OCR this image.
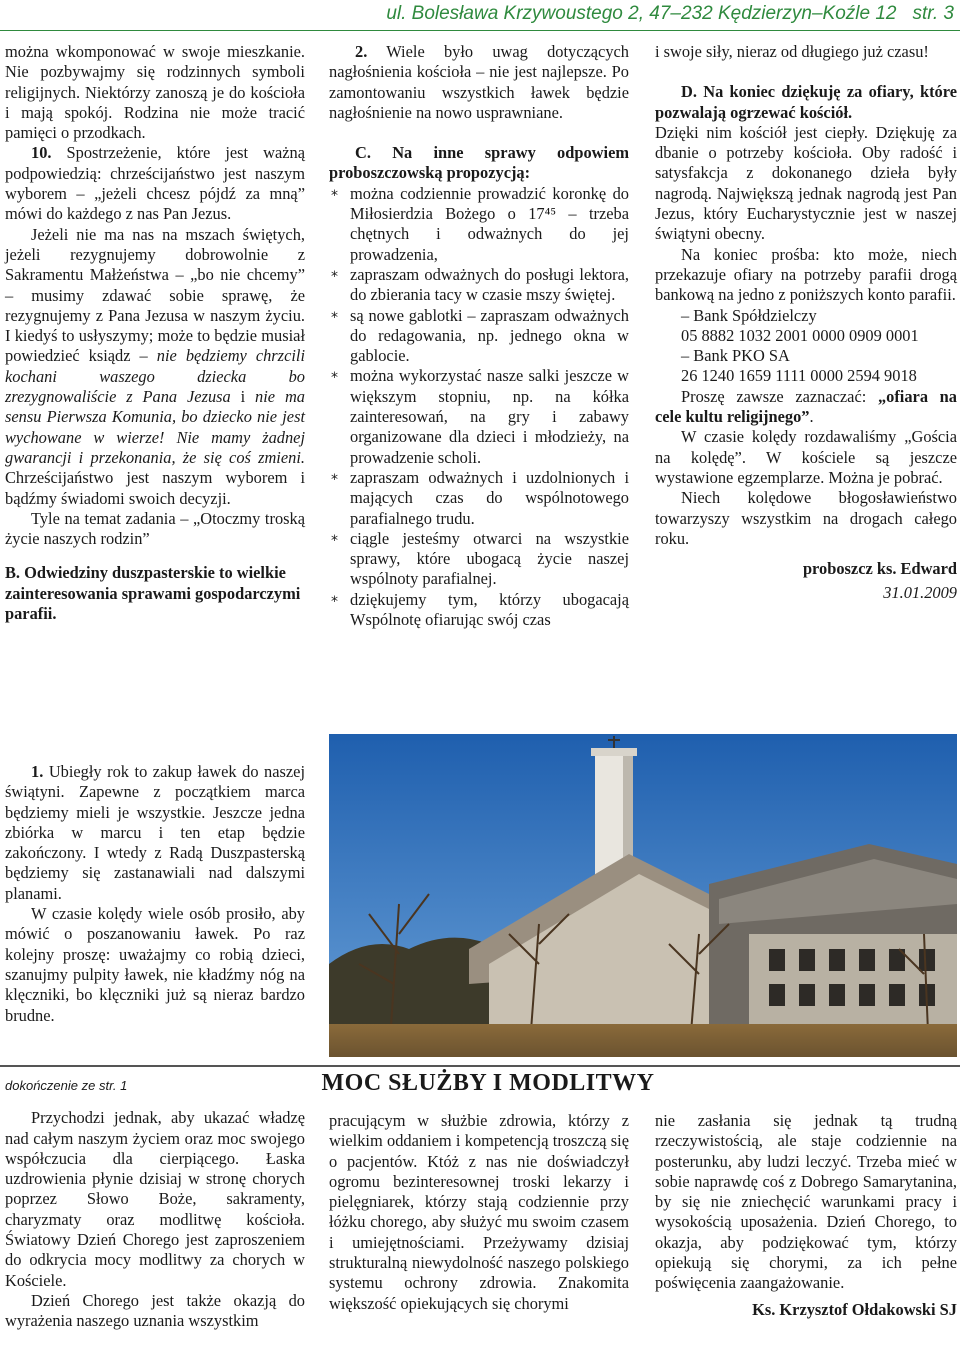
ul. Bolesława Krzywoustego 2, 47–232 Kędzierzyn–Koźle 12 str. 3

można wkomponować w swoje mieszkanie. Nie pozbywajmy się rodzinnych symboli religijnych. Niektórzy zanoszą je do kościoła i mają spokój. Rodzina nie może tracić pamięci o przodkach.

10. Spostrzeżenie, które jest ważną podpowiedzią: chrześcijaństwo jest naszym wyborem – „jeżeli chcesz pójdź za mną” mówi do każdego z nas Pan Jezus.

Jeżeli nie ma nas na mszach świętych, jeżeli rezygnujemy dobrowolnie z Sakramentu Małżeństwa – „bo nie chcemy” – musimy zdawać sobie sprawę, że rezygnujemy z Pana Jezusa w naszym życiu. I kiedyś to usłyszymy; może to będzie musiał powiedzieć ksiądz – nie będziemy chrzcili kochani waszego dziecka bo zrezygnowaliście z Pana Jezusa i nie ma sensu Pierwsza Komunia, bo dziecko nie jest wychowane w wierze! Nie mamy żadnej gwarancji i przekonania, że się coś zmieni. Chrześcijaństwo jest naszym wyborem i bądźmy świadomi swoich decyzji.

Tyle na temat zadania – „Otoczmy troską życie naszych rodzin”

B. Odwiedziny duszpasterskie to wielkie zainteresowania sprawami gospodarczymi parafii.

1. Ubiegły rok to zakup ławek do naszej świątyni. Zapewne z początkiem marca będziemy mieli je wszystkie. Jeszcze jedna zbiórka w marcu i ten etap będzie zakończony. I wtedy z Radą Duszpasterską będziemy się zastanawiali nad dalszymi planami.

W czasie kolędy wiele osób prosiło, aby mówić o poszanowaniu ławek. Po raz kolejny proszę: uważajmy co robią dzieci, szanujmy pulpity ławek, nie kładźmy nóg na klęczniki, bo klęczniki już są nieraz bardzo brudne.

2. Wiele było uwag dotyczących nagłośnienia kościoła – nie jest najlepsze. Po zamontowaniu wszystkich ławek będzie nagłośnienie na nowo usprawniane.

C. Na inne sprawy odpowiem proboszczowską propozycją:

* można codziennie prowadzić koronkę do Miłosierdzia Bożego o 17⁴⁵ – trzeba chętnych i odważnych do jej prowadzenia,
* zapraszam odważnych do posługi lektora, do zbierania tacy w czasie mszy świętej.
* są nowe gablotki – zapraszam odważnych do redagowania, np. jednego okna w gablocie.
* można wykorzystać nasze salki jeszcze w większym stopniu, np. na kółka zainteresowań, na gry i zabawy organizowane dla dzieci i młodzieży, na prowadzenie scholi.
* zapraszam odważnych i uzdolnionych i mających czas do wspólnotowego parafialnego trudu.
* ciągle jesteśmy otwarci na wszystkie sprawy, które ubogacą życie naszej wspólnoty parafialnej.
* dziękujemy tym, którzy ubogacają Wspólnotę ofiarując swój czas

i swoje siły, nieraz od długiego już czasu!

D. Na koniec dziękuję za ofiary, które pozwalają ogrzewać kościół.

Dzięki nim kościół jest ciepły. Dziękuję za dbanie o potrzeby kościoła. Oby radość i satysfakcja z dokonanego dzieła były nagrodą. Największą jednak nagrodą jest Pan Jezus, który Eucharystycznie jest w naszej świątyni obecny.

Na koniec prośba: kto może, niech przekazuje ofiary na potrzeby parafii drogą bankową na jedno z poniższych konto parafii.

– Bank Spółdzielczy

05 8882 1032 2001 0000 0909 0001

– Bank PKO SA

26 1240 1659 1111 0000 2594 9018

Proszę zawsze zaznaczać: „ofiara na cele kultu religijnego”.

W czasie kolędy rozdawaliśmy „Gościa na kolędę”. W kościele są jeszcze wystawione egzemplarze. Można je pobrać.

Niech kolędowe błogosławieństwo towarzyszy wszystkim na drogach całego roku.

proboszcz ks. Edward

31.01.2009

dokończenie ze str. 1

Przychodzi jednak, aby ukazać władzę nad całym naszym życiem oraz moc swojego współczucia dla cierpiącego. Łaska uzdrowienia płynie dzisiaj w stronę chorych poprzez Słowo Boże, sakramenty, charyzmaty oraz modlitwę kościoła. Światowy Dzień Chorego jest zaproszeniem do odkrycia mocy modlitwy za chorych w Kościele.

Dzień Chorego jest także okazją do wyrażenia naszego uznania wszystkim

MOC SŁUŻBY I MODLITWY

pracującym w służbie zdrowia, którzy z wielkim oddaniem i kompetencją troszczą się o pacjentów. Któż z nas nie doświadczył ogromu bezinteresownej troski lekarzy i pielęgniarek, którzy stają codziennie przy łóżku chorego, aby służyć mu swoim czasem i umiejętnościami. Przeżywamy dzisiaj strukturalną niewydolność naszego polskiego systemu ochrony zdrowia. Znakomita większość opiekujących się chorymi

nie zasłania się jednak tą trudną rzeczywistością, ale staje codziennie na posterunku, aby ludzi leczyć. Trzeba mieć w sobie naprawdę coś z Dobrego Samarytanina, by się nie zniechęcić warunkami pracy i wysokością uposażenia. Dzień Chorego, to okazja, aby podziękować tym, którzy opiekują się chorymi, za ich pełne poświęcenia zaangażowanie.

Ks. Krzysztof Ołdakowski SJ
